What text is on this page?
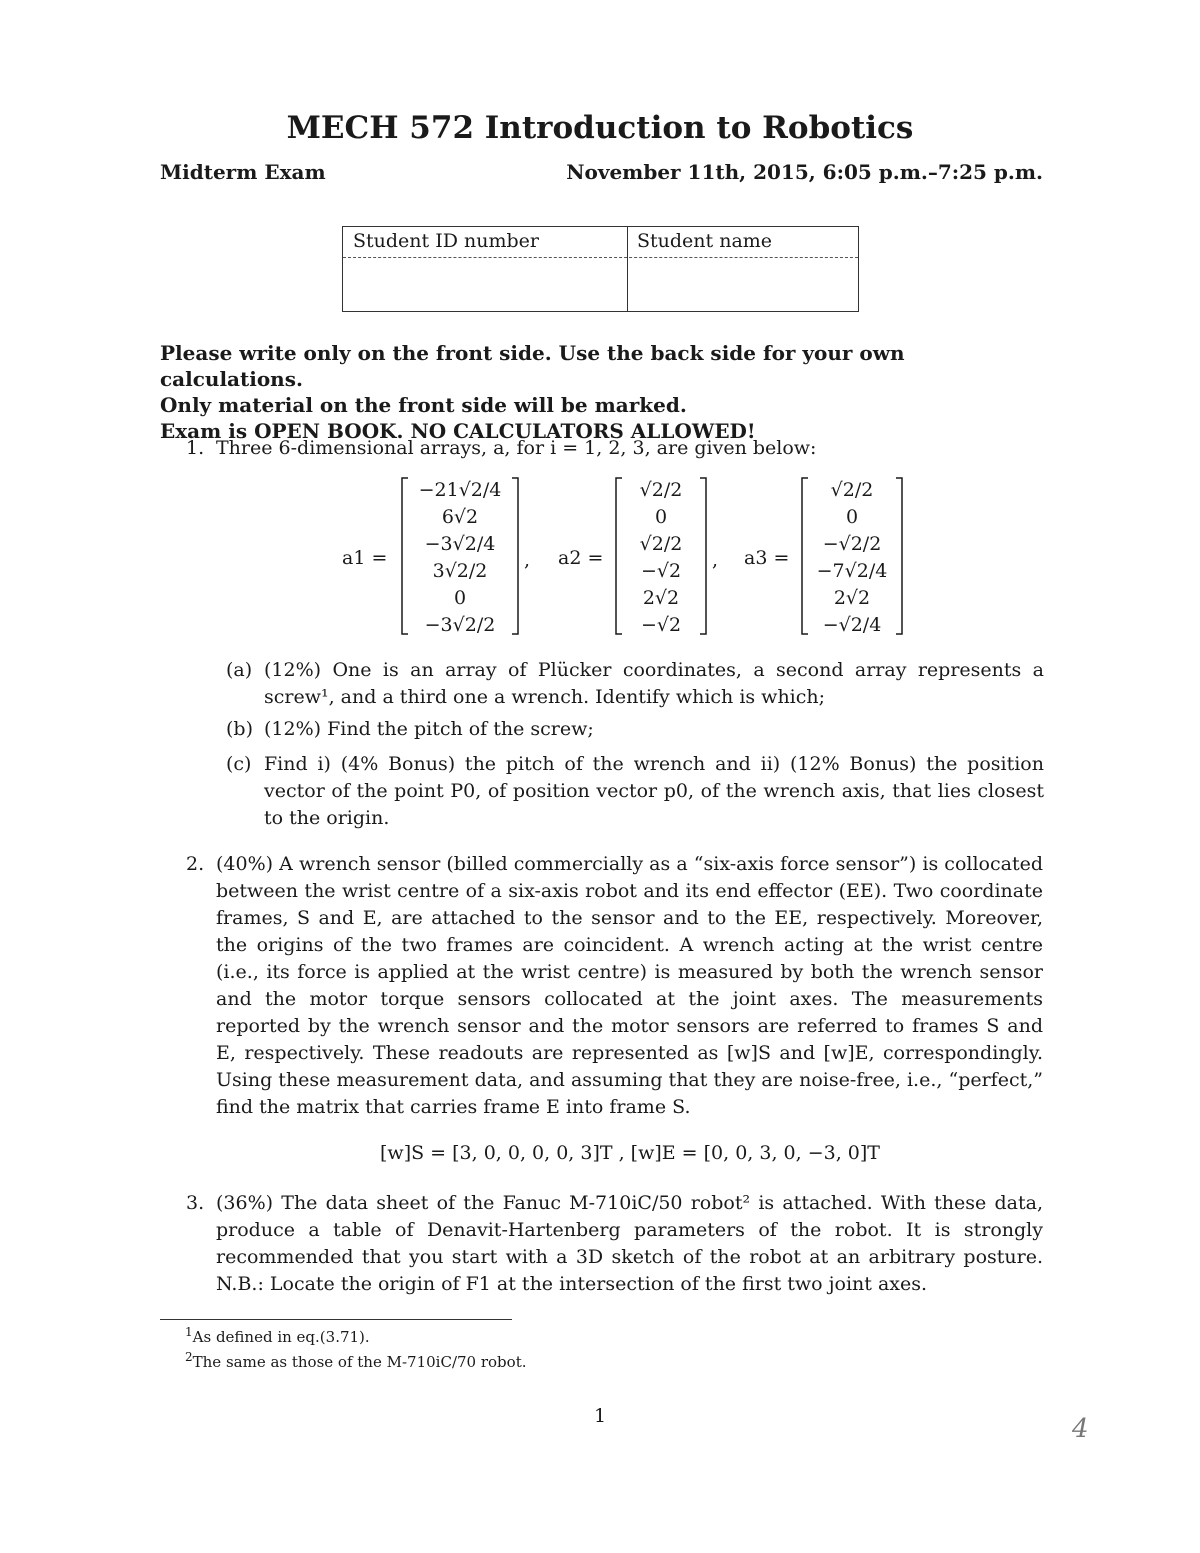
MECH 572 Introduction to Robotics
Midterm Exam	November 11th, 2015, 6:05 p.m.–7:25 p.m.
Student ID number	Student name
Please write only on the front side. Use the back side for your own calculations.
Only material on the front side will be marked.
Exam is OPEN BOOK. NO CALCULATORS ALLOWED!
1. Three 6-dimensional arrays, a, for i = 1, 2, 3, are given below:
a1 =
−21√2/4
6√2
−3√2/4
3√2/2
0
−3√2/2
, a2 =
√2/2
0
√2/2
−√2
2√2
−√2
, a3 =
√2/2
0
−√2/2
−7√2/4
2√2
−√2/4
(a) (12%) One is an array of Plücker coordinates, a second array represents a screw¹, and a third one a wrench. Identify which is which;
(b) (12%) Find the pitch of the screw;
(c) Find i) (4% Bonus) the pitch of the wrench and ii) (12% Bonus) the position vector of the point P0, of position vector p0, of the wrench axis, that lies closest to the origin.
2. (40%) A wrench sensor (billed commercially as a “six-axis force sensor”) is collocated between the wrist centre of a six-axis robot and its end effector (EE). Two coordinate frames, S and E, are attached to the sensor and to the EE, respectively. Moreover, the origins of the two frames are coincident. A wrench acting at the wrist centre (i.e., its force is applied at the wrist centre) is measured by both the wrench sensor and the motor torque sensors collocated at the joint axes. The measurements reported by the wrench sensor and the motor sensors are referred to frames S and E, respectively. These readouts are represented as [w]S and [w]E, correspondingly. Using these measurement data, and assuming that they are noise-free, i.e., “perfect,” find the matrix that carries frame E into frame S.
[w]S = [3, 0, 0, 0, 0, 3]T , [w]E = [0, 0, 3, 0, −3, 0]T
3. (36%) The data sheet of the Fanuc M-710iC/50 robot² is attached. With these data, produce a table of Denavit-Hartenberg parameters of the robot. It is strongly recommended that you start with a 3D sketch of the robot at an arbitrary posture. N.B.: Locate the origin of F1 at the intersection of the first two joint axes.
$^1$As defined in eq.(3.71).
$^2$The same as those of the M-710iC/70 robot.
1	4
